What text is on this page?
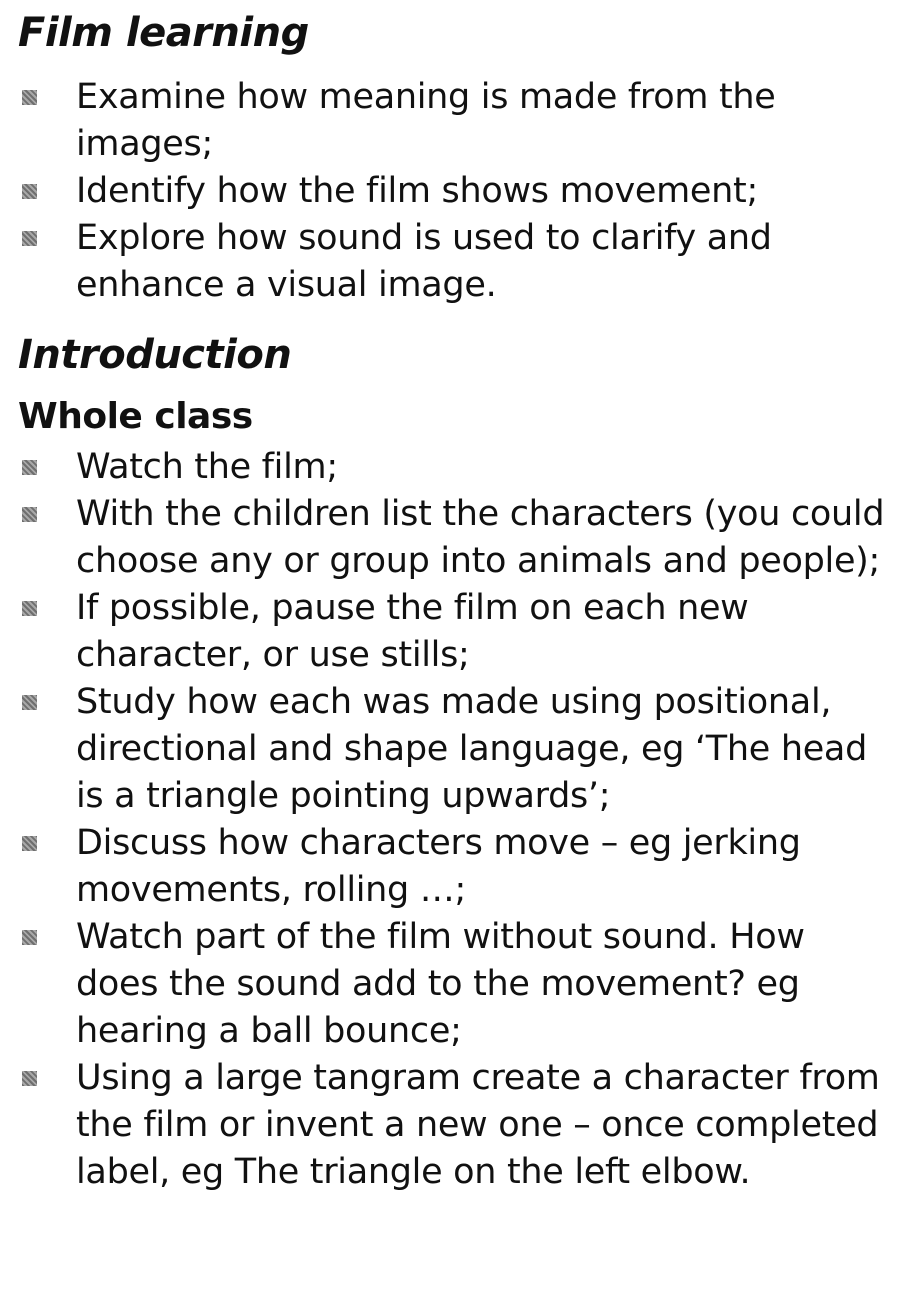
Film learning
Examine how meaning is made from the images;
Identify how the film shows movement;
Explore how sound is used to clarify and enhance a visual image.
Introduction
Whole class
Watch the film;
With the children list the characters (you could choose any or group into animals and people);
If possible, pause the film on each new character, or use stills;
Study how each was made using positional, directional and shape language, eg ‘The head is a triangle pointing upwards’;
Discuss how characters move – eg jerking movements, rolling …;
Watch part of the film without sound. How does the sound add to the movement? eg hearing a ball bounce;
Using a large tangram create a character from the film or invent a new one – once completed label, eg The triangle on the left elbow.
